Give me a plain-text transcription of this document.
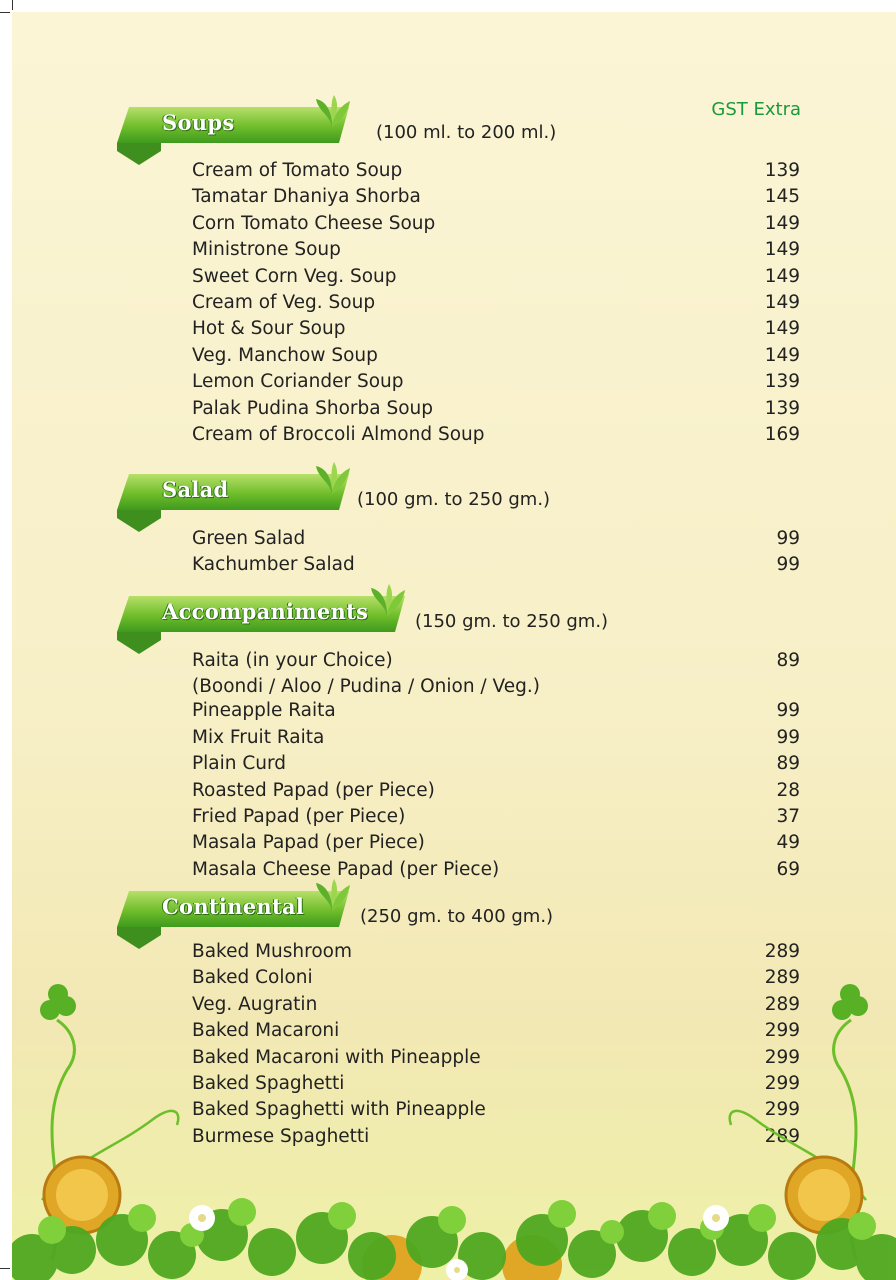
GST Extra
Soups	(100 ml. to 200 ml.)
Cream of Tomato Soup	139
Tamatar Dhaniya Shorba	145
Corn Tomato Cheese Soup	149
Ministrone Soup	149
Sweet Corn Veg. Soup	149
Cream of Veg. Soup	149
Hot & Sour Soup	149
Veg. Manchow Soup	149
Lemon Coriander Soup	139
Palak Pudina Shorba Soup	139
Cream of Broccoli Almond Soup	169
Salad	(100 gm. to 250 gm.)
Green Salad	99
Kachumber Salad	99
Accompaniments	(150 gm. to 250 gm.)
Raita (in your Choice)	89
(Boondi / Aloo / Pudina / Onion / Veg.)
Pineapple Raita	99
Mix Fruit Raita	99
Plain Curd	89
Roasted Papad (per Piece)	28
Fried Papad (per Piece)	37
Masala Papad (per Piece)	49
Masala Cheese Papad (per Piece)	69
Continental	(250 gm. to 400 gm.)
Baked Mushroom	289
Baked Coloni	289
Veg. Augratin	289
Baked Macaroni	299
Baked Macaroni with Pineapple	299
Baked Spaghetti	299
Baked Spaghetti with Pineapple	299
Burmese Spaghetti	289
